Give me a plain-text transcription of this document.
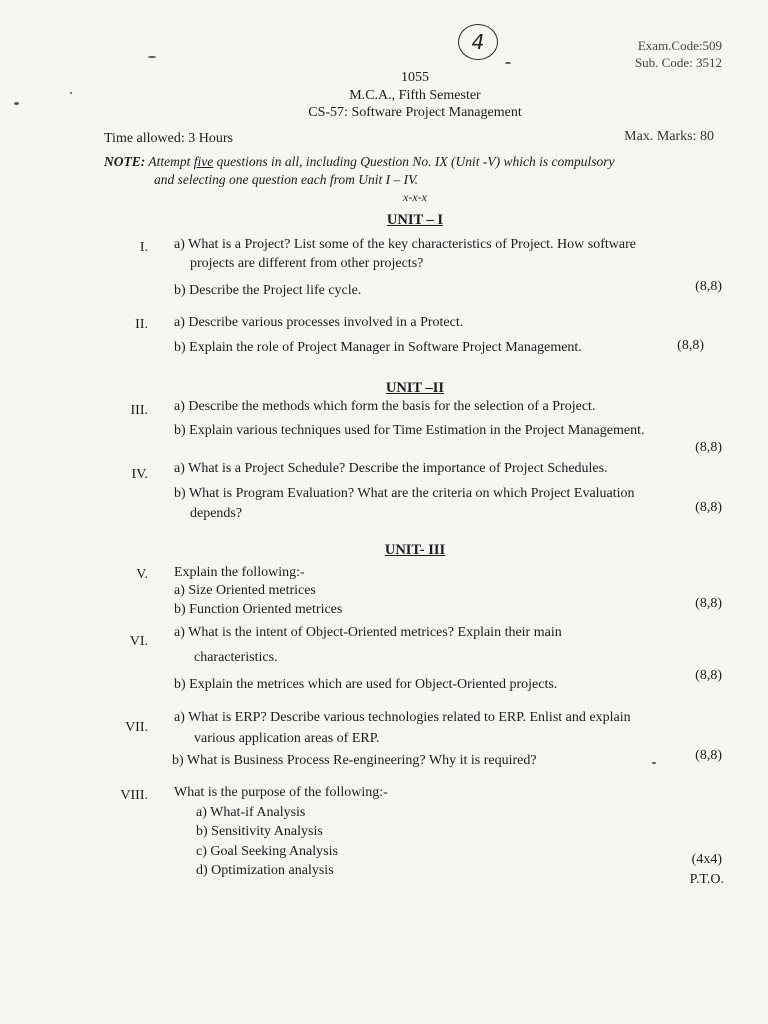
4	Exam.Code:509
Sub. Code: 3512
1055
M.C.A., Fifth Semester
CS-57: Software Project Management
Time allowed: 3 Hours	Max. Marks: 80
NOTE: Attempt five questions in all, including Question No. IX (Unit -V) which is compulsory
and selecting one question each from Unit I – IV.
x-x-x
UNIT – I
I. a) What is a Project? List some of the key characteristics of Project. How software
projects are different from other projects?
b) Describe the Project life cycle.	(8,8)
II. a) Describe various processes involved in a Protect.
b) Explain the role of Project Manager in Software Project Management.	(8,8)
UNIT –II
III. a) Describe the methods which form the basis for the selection of a Project.
b) Explain various techniques used for Time Estimation in the Project Management.
(8,8)
IV. a) What is a Project Schedule? Describe the importance of Project Schedules.
b) What is Program Evaluation? What are the criteria on which Project Evaluation
depends?	(8,8)
UNIT- III
V. Explain the following:-
a) Size Oriented metrices
b) Function Oriented metrices	(8,8)
VI.
a) What is the intent of Object-Oriented metrices? Explain their main
characteristics.
b) Explain the metrices which are used for Object-Oriented projects.
(8,8)
VII.
a) What is ERP? Describe various technologies related to ERP. Enlist and explain
various application areas of ERP.
b) What is Business Process Re-engineering? Why it is required?	(8,8)
VIII. What is the purpose of the following:-
a) What-if Analysis
b) Sensitivity Analysis
c) Goal Seeking Analysis
d) Optimization analysis
(4x4)
P.T.O.
